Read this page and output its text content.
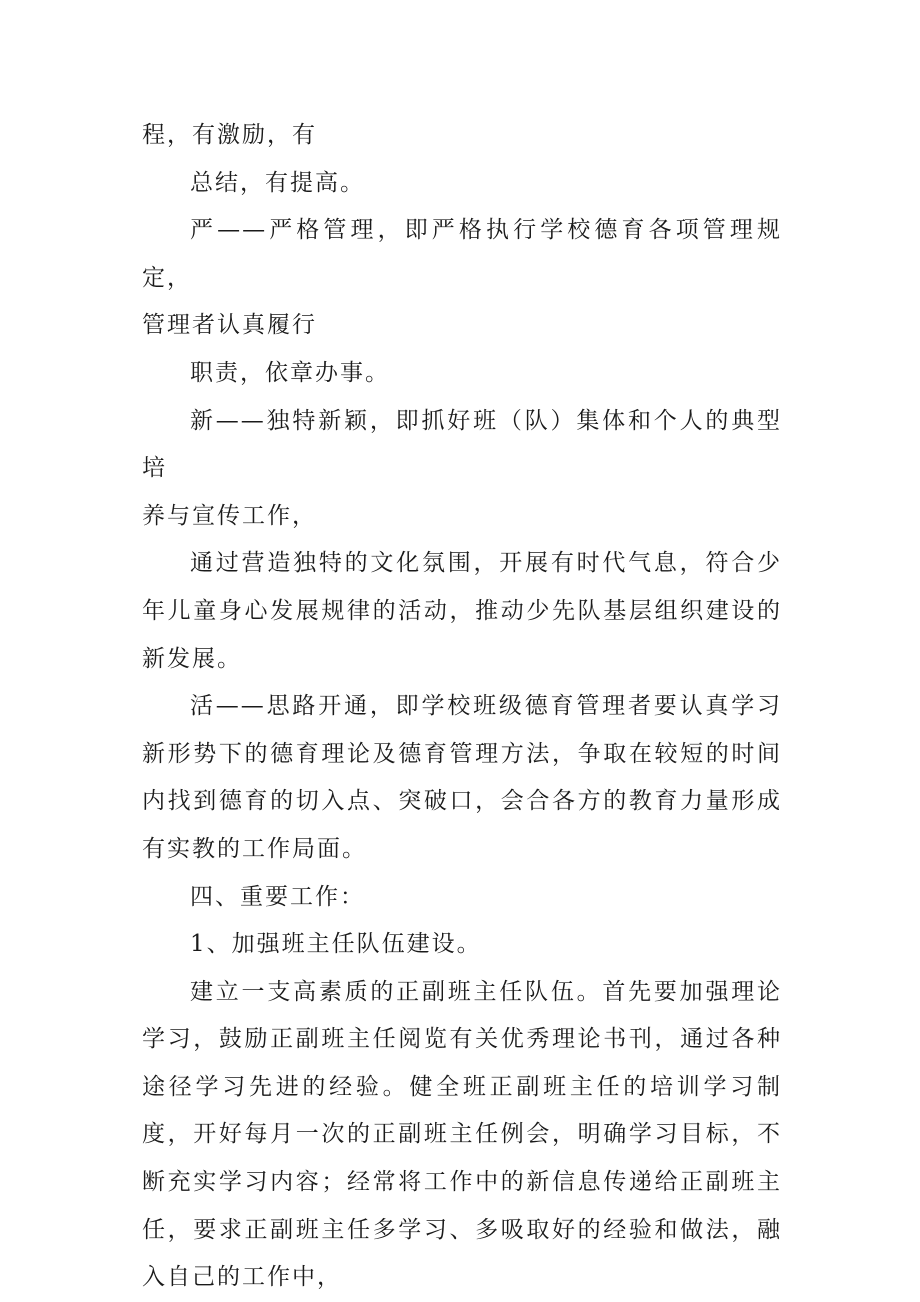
程，有激励，有

总结，有提高。

严——严格管理，即严格执行学校德育各项管理规定，

管理者认真履行

职责，依章办事。

新——独特新颖，即抓好班（队）集体和个人的典型培

养与宣传工作，

通过营造独特的文化氛围，开展有时代气息，符合少年儿童身心发展规律的活动，推动少先队基层组织建设的新发展。

活——思路开通，即学校班级德育管理者要认真学习新形势下的德育理论及德育管理方法，争取在较短的时间内找到德育的切入点、突破口，会合各方的教育力量形成有实教的工作局面。

四、重要工作：

1、加强班主任队伍建设。

建立一支高素质的正副班主任队伍。首先要加强理论学习，鼓励正副班主任阅览有关优秀理论书刊，通过各种途径学习先进的经验。健全班正副班主任的培训学习制度，开好每月一次的正副班主任例会，明确学习目标，不断充实学习内容；经常将工作中的新信息传递给正副班主任，要求正副班主任多学习、多吸取好的经验和做法，融入自己的工作中，
